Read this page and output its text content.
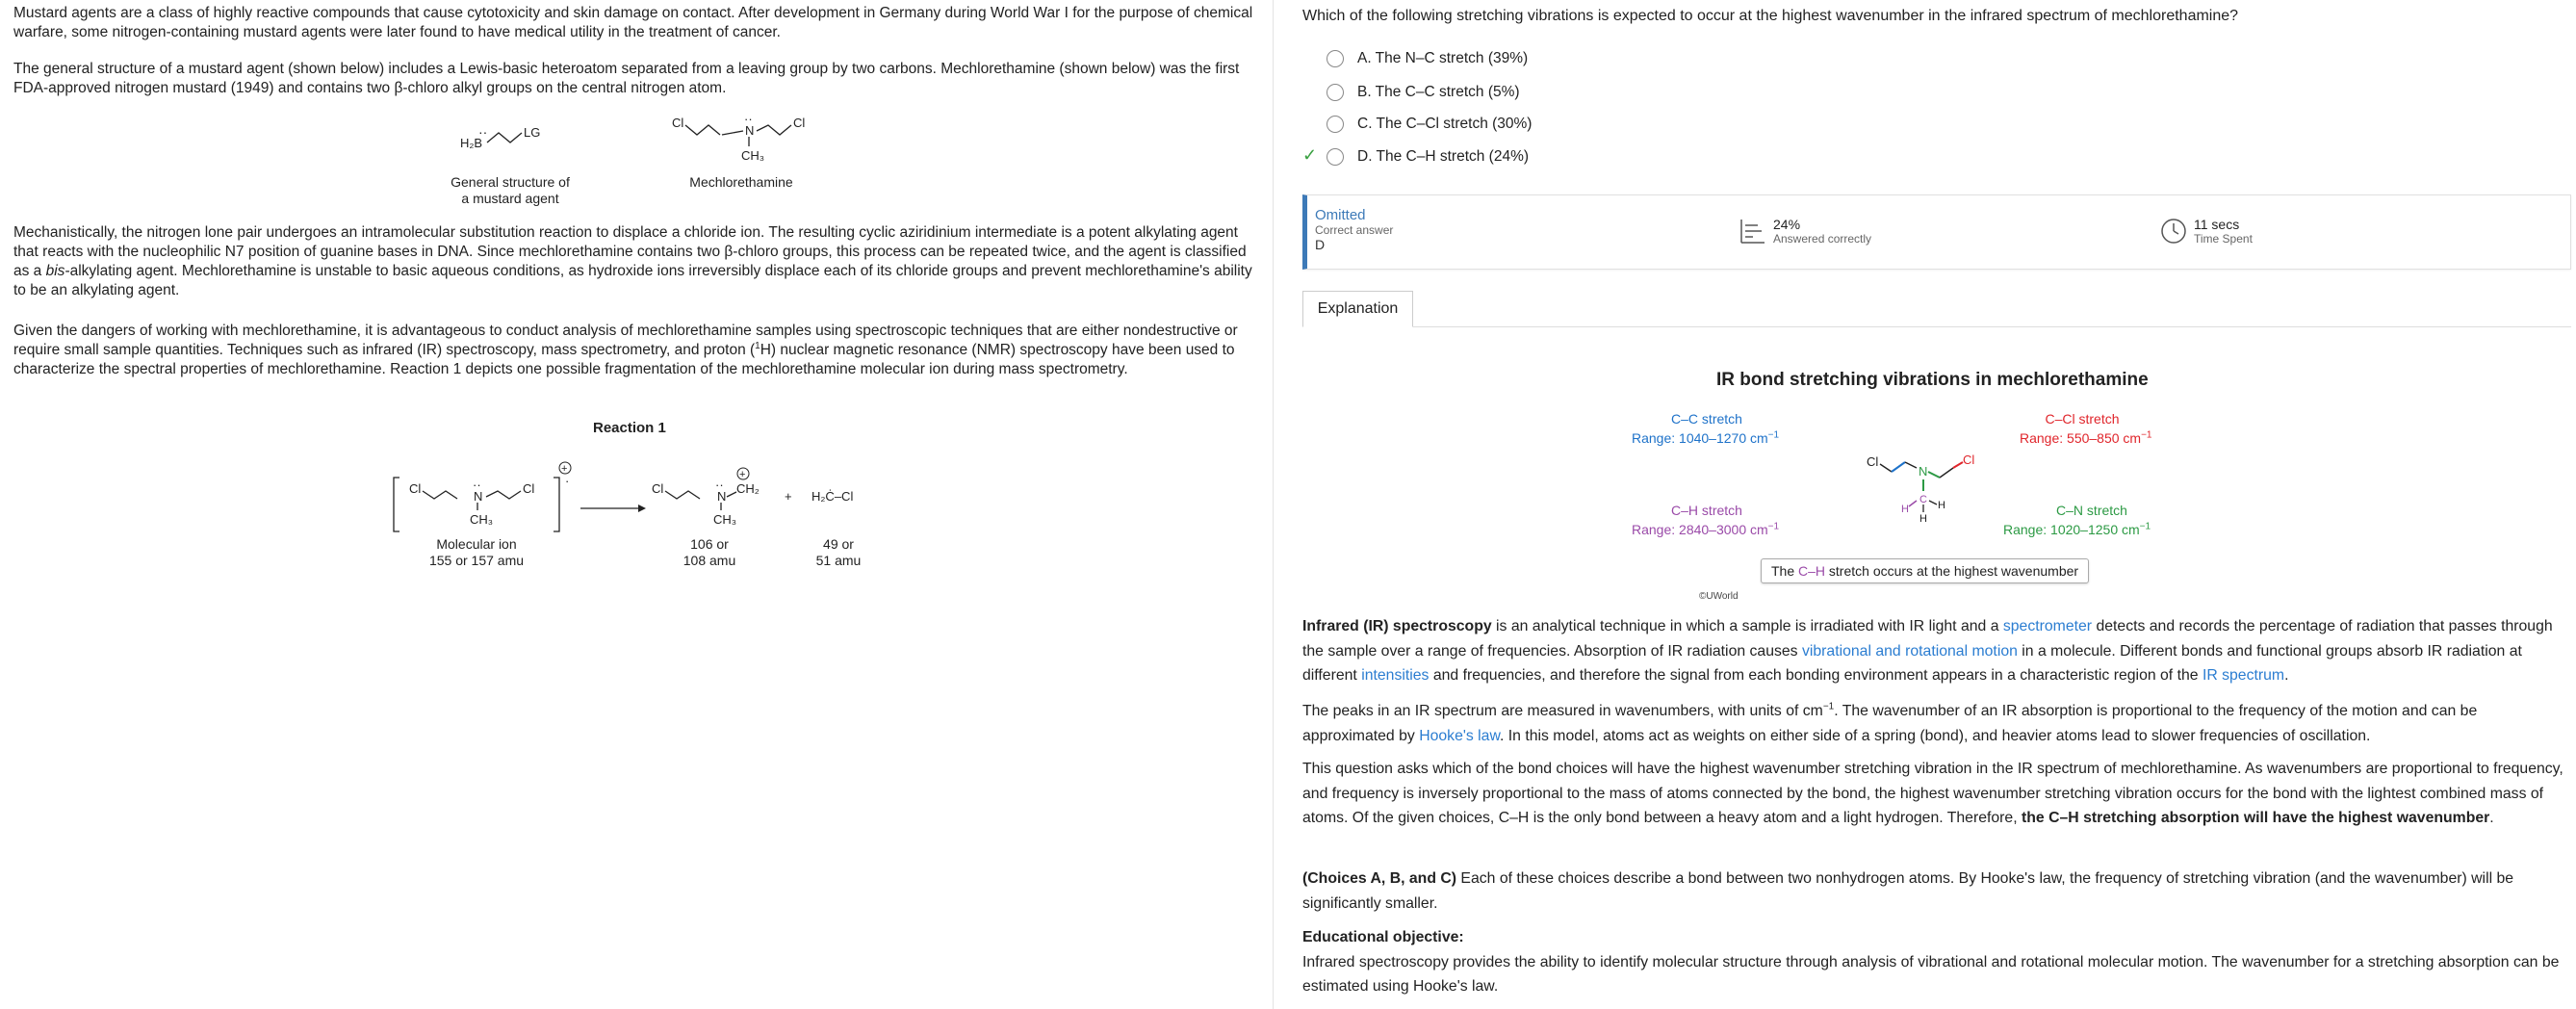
Mustard agents are a class of highly reactive compounds that cause cytotoxicity and skin damage on contact. After development in Germany during World War I for the purpose of chemical warfare, some nitrogen-containing mustard agents were later found to have medical utility in the treatment of cancer.

The general structure of a mustard agent (shown below) includes a Lewis-basic heteroatom separated from a leaving group by two carbons. Mechlorethamine (shown below) was the first FDA-approved nitrogen mustard (1949) and contains two β-chloro alkyl groups on the central nitrogen atom.

H₂B
··	LG
General structure of
a mustard agent
Cl	··
N
Cl
CH₃
Mechlorethamine

Mechanistically, the nitrogen lone pair undergoes an intramolecular substitution reaction to displace a chloride ion. The resulting cyclic aziridinium intermediate is a potent alkylating agent that reacts with the nucleophilic N7 position of guanine bases in DNA. Since mechlorethamine contains two β-chloro groups, this process can be repeated twice, and the agent is classified as a bis-alkylating agent. Mechlorethamine is unstable to basic aqueous conditions, as hydroxide ions irreversibly displace each of its chloride groups and prevent mechlorethamine's ability to be an alkylating agent.

Given the dangers of working with mechlorethamine, it is advantageous to conduct analysis of mechlorethamine samples using spectroscopic techniques that are either nondestructive or require small sample quantities. Techniques such as infrared (IR) spectroscopy, mass spectrometry, and proton ($^1$H) nuclear magnetic resonance (NMR) spectroscopy have been used to characterize the spectral properties of mechlorethamine. Reaction 1 depicts one possible fragmentation of the mechlorethamine molecular ion during mass spectrometry.

Reaction 1
+
·
Cl	··
N
Cl
CH₃
Cl
+
··
N
CH₂
CH₃
+ H₂Ċ–Cl
Molecular ion
155 or 157 amu
106 or
108 amu
49 or
51 amu
Which of the following stretching vibrations is expected to occur at the highest wavenumber in the infrared spectrum of mechlorethamine?
A. The N–C stretch (39%)
B. The C–C stretch (5%)
C. The C–Cl stretch (30%)
✓	D. The C–H stretch (24%)
Omitted
Correct answer
D
24%
Answered correctly
11 secs
Time Spent
Explanation
IR bond stretching vibrations in mechlorethamine
C–C stretch
Range: 1040–1270 $cm^{-1}$
C–Cl stretch
Range: 550–850 $cm^{-1}$
C–H stretch
Range: 2840–3000 $cm^{-1}$
C–N stretch
Range: 1020–1250 $cm^{-1}$
Cl
N
Cl
C
H	H
H
The C–H stretch occurs at the highest wavenumber
©UWorld

Infrared (IR) spectroscopy is an analytical technique in which a sample is irradiated with IR light and a spectrometer detects and records the percentage of radiation that passes through the sample over a range of frequencies. Absorption of IR radiation causes vibrational and rotational motion in a molecule. Different bonds and functional groups absorb IR radiation at different intensities and frequencies, and therefore the signal from each bonding environment appears in a characteristic region of the IR spectrum.

The peaks in an IR spectrum are measured in wavenumbers, with units of $cm^{-1}$. The wavenumber of an IR absorption is proportional to the frequency of the motion and can be approximated by Hooke's law. In this model, atoms act as weights on either side of a spring (bond), and heavier atoms lead to slower frequencies of oscillation.

This question asks which of the bond choices will have the highest wavenumber stretching vibration in the IR spectrum of mechlorethamine. As wavenumbers are proportional to frequency, and frequency is inversely proportional to the mass of atoms connected by the bond, the highest wavenumber stretching vibration occurs for the bond with the lightest combined mass of atoms. Of the given choices, C–H is the only bond between a heavy atom and a light hydrogen. Therefore, the C–H stretching absorption will have the highest wavenumber.

(Choices A, B, and C) Each of these choices describe a bond between two nonhydrogen atoms. By Hooke's law, the frequency of stretching vibration (and the wavenumber) will be significantly smaller.

Educational objective:
Infrared spectroscopy provides the ability to identify molecular structure through analysis of vibrational and rotational molecular motion. The wavenumber for a stretching absorption can be estimated using Hooke's law.
